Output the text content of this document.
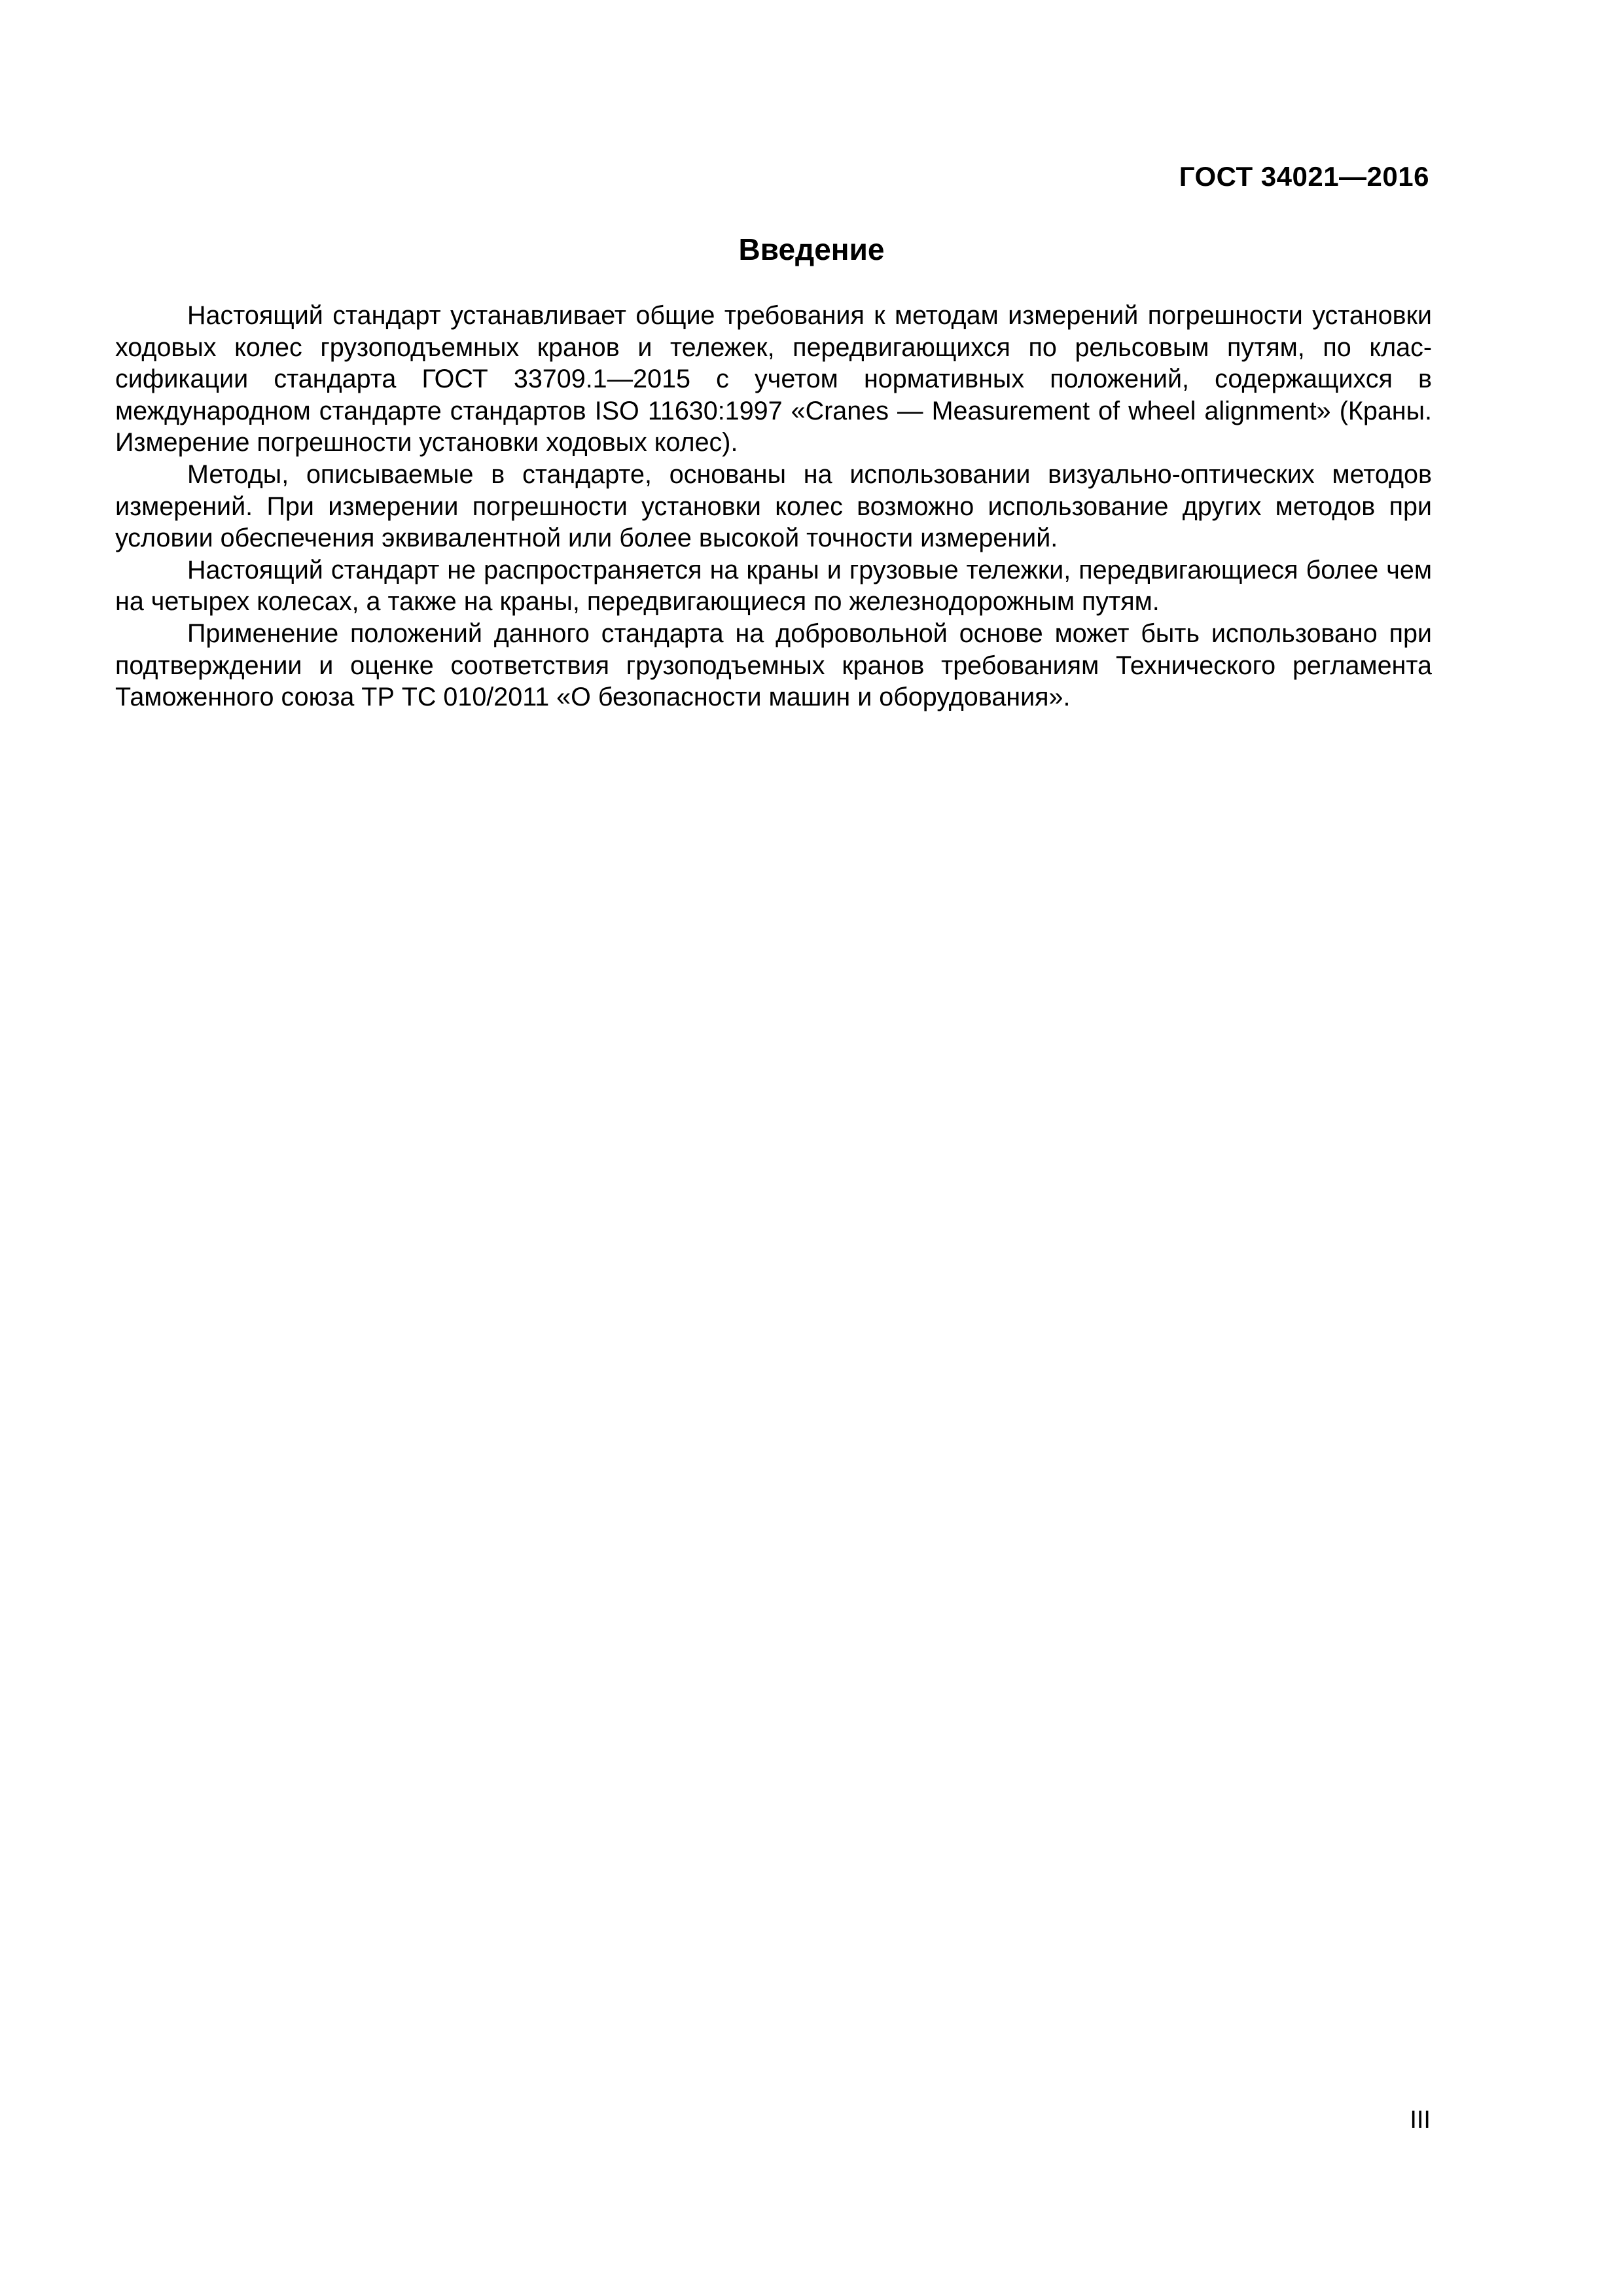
ГОСТ 34021—2016
Введение

Настоящий стандарт устанавливает общие требования к методам измерений погрешности установки ходовых колес грузоподъемных кранов и тележек, передвигающихся по рельсовым путям, по классификации стандарта ГОСТ 33709.1—2015 с учетом нормативных положений, содержащихся в международном стандарте стандартов ISO 11630:1997 «Cranes — Measurement of wheel alignment» (Краны. Измерение погрешности установки ходовых колес).

Методы, описываемые в стандарте, основаны на использовании визуально-оптических методов измерений. При измерении погрешности установки колес возможно использование других методов при условии обеспечения эквивалентной или более высокой точности измерений.

Настоящий стандарт не распространяется на краны и грузовые тележки, передвигающиеся более чем на четырех колесах, а также на краны, передвигающиеся по железнодорожным путям.

Применение положений данного стандарта на добровольной основе может быть использовано при подтверждении и оценке соответствия грузоподъемных кранов требованиям Технического регламента Таможенного союза ТР ТС 010/2011 «О безопасности машин и оборудования».

III
